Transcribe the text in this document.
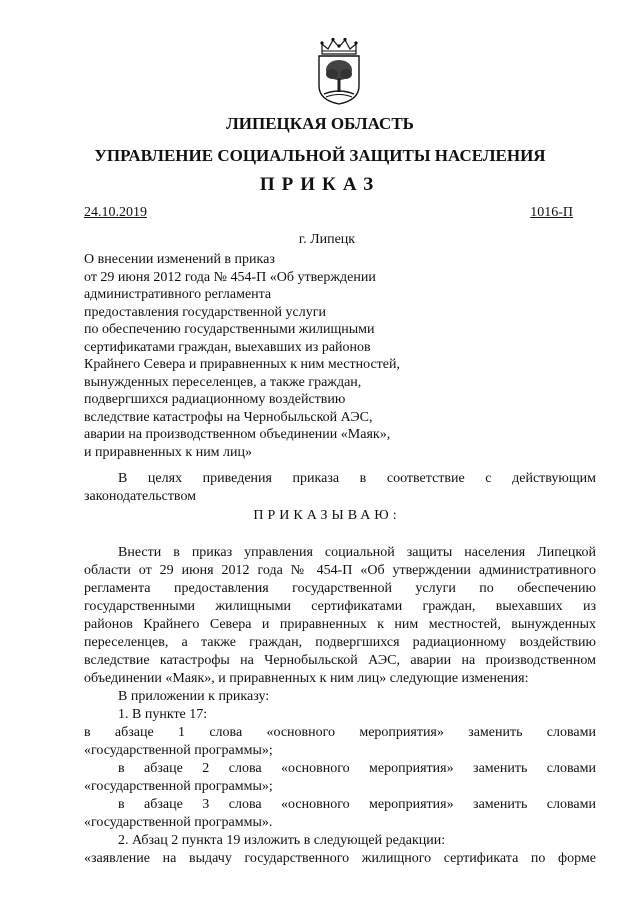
ЛИПЕЦКАЯ ОБЛАСТЬ
УПРАВЛЕНИЕ СОЦИАЛЬНОЙ ЗАЩИТЫ НАСЕЛЕНИЯ
ПРИКАЗ
24.10.2019	1016-П
г. Липецк
О внесении изменений в приказ
от 29 июня 2012 года № 454-П «Об утверждении
административного регламента
предоставления государственной услуги
по обеспечению государственными жилищными
сертификатами граждан, выехавших из районов
Крайнего Севера и приравненных к ним местностей,
вынужденных переселенцев, а также граждан,
подвергшихся радиационному воздействию
вследствие катастрофы на Чернобыльской АЭС,
аварии на производственном объединении «Маяк»,
и приравненных к ним лиц»
В целях приведения приказа в соответствие с действующим
законодательством
ПРИКАЗЫВАЮ:
Внести в приказ управления социальной защиты населения Липецкой
области от 29 июня 2012 года № 454-П «Об утверждении административного
регламента предоставления государственной услуги по обеспечению
государственными жилищными сертификатами граждан, выехавших из
районов Крайнего Севера и приравненных к ним местностей, вынужденных
переселенцев, а также граждан, подвергшихся радиационному воздействию
вследствие катастрофы на Чернобыльской АЭС, аварии на производственном
объединении «Маяк», и приравненных к ним лиц» следующие изменения:
В приложении к приказу:
1. В пункте 17:
в абзаце 1 слова «основного мероприятия» заменить словами
«государственной программы»;
в абзаце 2 слова «основного мероприятия» заменить словами
«государственной программы»;
в абзаце 3 слова «основного мероприятия» заменить словами
«государственной программы».
2. Абзац 2 пункта 19 изложить в следующей редакции:
«заявление на выдачу государственного жилищного сертификата по форме
